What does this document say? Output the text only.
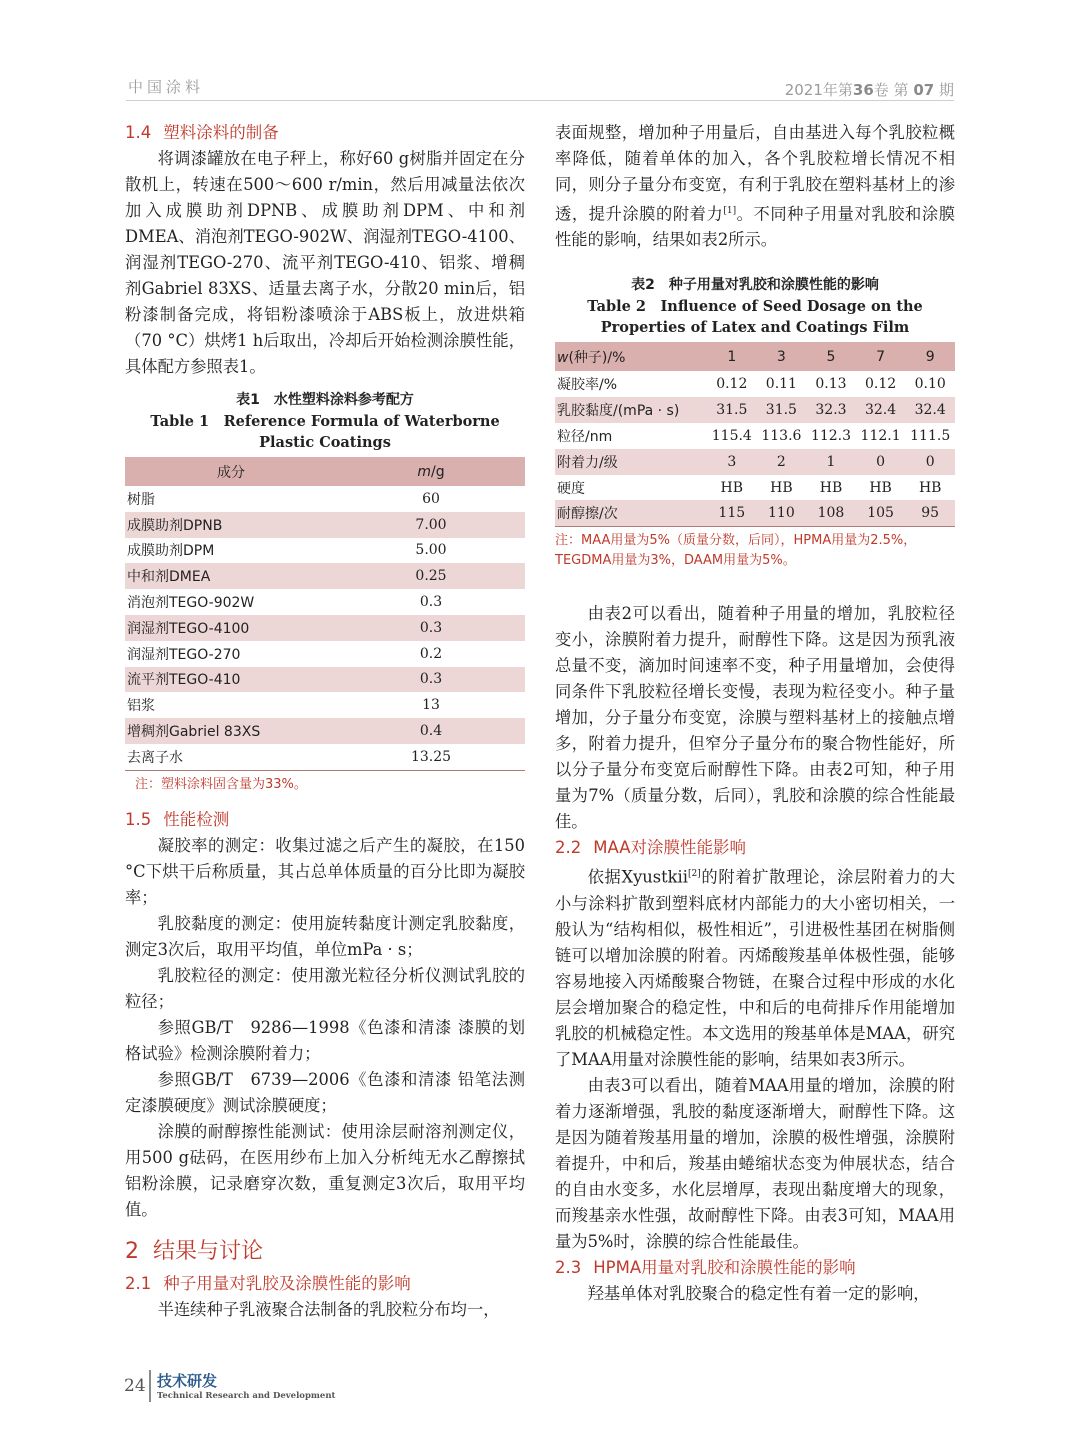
中国涂料	2021年第36卷 第 07 期
1.4 塑料涂料的制备

将调漆罐放在电子秤上，称好60 g树脂并固定在分散机上，转速在500～600 r/min，然后用减量法依次加入成膜助剂DPNB、成膜助剂DPM、中和剂DMEA、消泡剂TEGO-902W、润湿剂TEGO-4100、润湿剂TEGO-270、流平剂TEGO-410、铝浆、增稠剂Gabriel 83XS、适量去离子水，分散20 min后，铝粉漆制备完成，将铝粉漆喷涂于ABS板上，放进烘箱（70 °C）烘烤1 h后取出，冷却后开始检测涂膜性能，具体配方参照表1。

表1　水性塑料涂料参考配方
Table 1　Reference Formula of Waterborne Plastic Coatings
成分	m/g
树脂	60
成膜助剂DPNB	7.00
成膜助剂DPM	5.00
中和剂DMEA	0.25
消泡剂TEGO-902W	0.3
润湿剂TEGO-4100	0.3
润湿剂TEGO-270	0.2
流平剂TEGO-410	0.3
铝浆	13
增稠剂Gabriel 83XS	0.4
去离子水	13.25
注：塑料涂料固含量为33%。
1.5 性能检测

凝胶率的测定：收集过滤之后产生的凝胶，在150 °C下烘干后称质量，其占总单体质量的百分比即为凝胶率；

乳胶黏度的测定：使用旋转黏度计测定乳胶黏度，测定3次后，取用平均值，单位mPa · s；

乳胶粒径的测定：使用激光粒径分析仪测试乳胶的粒径；

参照GB/T　9286—1998《色漆和清漆 漆膜的划格试验》检测涂膜附着力；

参照GB/T　6739—2006《色漆和清漆 铅笔法测定漆膜硬度》测试涂膜硬度；

涂膜的耐醇擦性能测试：使用涂层耐溶剂测定仪，用500 g砝码，在医用纱布上加入分析纯无水乙醇擦拭铝粉涂膜，记录磨穿次数，重复测定3次后，取用平均值。

2 结果与讨论
2.1 种子用量对乳胶及涂膜性能的影响

半连续种子乳液聚合法制备的乳胶粒分布均一，

表面规整，增加种子用量后，自由基进入每个乳胶粒概率降低，随着单体的加入，各个乳胶粒增长情况不相同，则分子量分布变宽，有利于乳胶在塑料基材上的渗透，提升涂膜的附着力[1]。不同种子用量对乳胶和涂膜性能的影响，结果如表2所示。

表2　种子用量对乳胶和涂膜性能的影响
Table 2　Influence of Seed Dosage on the Properties of Latex and Coatings Film
w(种子)/%	1	3	5	7	9
凝胶率/%	0.12	0.11	0.13	0.12	0.10
乳胶黏度/(mPa · s)	31.5	31.5	32.3	32.4	32.4
粒径/nm	115.4	113.6	112.3	112.1	111.5
附着力/级	3	2	1	0	0
硬度	HB	HB	HB	HB	HB
耐醇擦/次	115	110	108	105	95
注：MAA用量为5%（质量分数，后同），HPMA用量为2.5%，TEGDMA用量为3%，DAAM用量为5%。

由表2可以看出，随着种子用量的增加，乳胶粒径变小，涂膜附着力提升，耐醇性下降。这是因为预乳液总量不变，滴加时间速率不变，种子用量增加，会使得同条件下乳胶粒径增长变慢，表现为粒径变小。种子量增加，分子量分布变宽，涂膜与塑料基材上的接触点增多，附着力提升，但窄分子量分布的聚合物性能好，所以分子量分布变宽后耐醇性下降。由表2可知，种子用量为7%（质量分数，后同），乳胶和涂膜的综合性能最佳。

2.2 MAA对涂膜性能影响

依据Xyustkii[2]的附着扩散理论，涂层附着力的大小与涂料扩散到塑料底材内部能力的大小密切相关，一般认为“结构相似，极性相近”，引进极性基团在树脂侧链可以增加涂膜的附着。丙烯酸羧基单体极性强，能够容易地接入丙烯酸聚合物链，在聚合过程中形成的水化层会增加聚合的稳定性，中和后的电荷排斥作用能增加乳胶的机械稳定性。本文选用的羧基单体是MAA，研究了MAA用量对涂膜性能的影响，结果如表3所示。

由表3可以看出，随着MAA用量的增加，涂膜的附着力逐渐增强，乳胶的黏度逐渐增大，耐醇性下降。这是因为随着羧基用量的增加，涂膜的极性增强，涂膜附着提升，中和后，羧基由蜷缩状态变为伸展状态，结合的自由水变多，水化层增厚，表现出黏度增大的现象，而羧基亲水性强，故耐醇性下降。由表3可知，MAA用量为5%时，涂膜的综合性能最佳。

2.3 HPMA用量对乳胶和涂膜性能的影响

羟基单体对乳胶聚合的稳定性有着一定的影响，

24 技术研发
Technical Research and Development
